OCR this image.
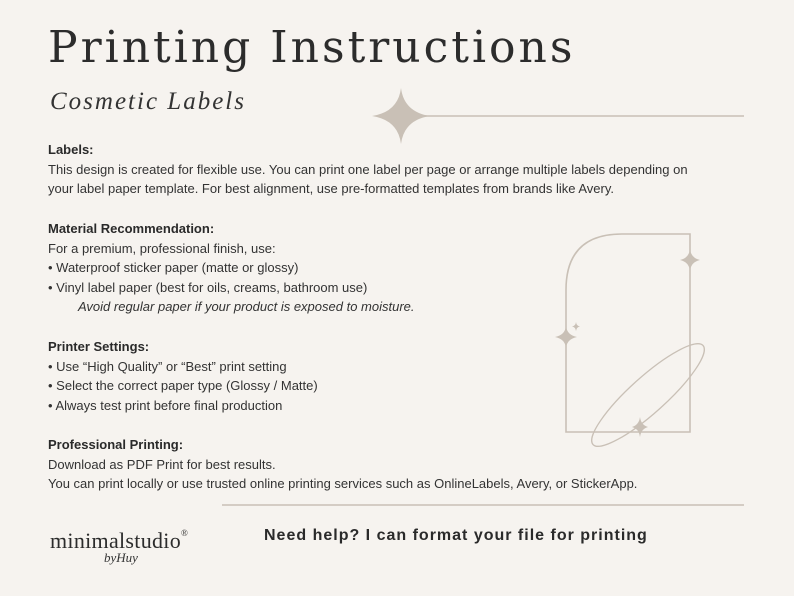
Printing Instructions
Cosmetic Labels
Labels:
This design is created for flexible use. You can print one label per page or arrange multiple labels depending on
your label paper template. For best alignment, use pre-formatted templates from brands like Avery.
Material Recommendation:
For a premium, professional finish, use:
• Waterproof sticker paper (matte or glossy)
• Vinyl label paper (best for oils, creams, bathroom use)
Avoid regular paper if your product is exposed to moisture.
Printer Settings:
• Use “High Quality” or “Best” print setting
• Select the correct paper type (Glossy / Matte)
• Always test print before final production
Professional Printing:
Download as PDF Print for best results.
You can print locally or use trusted online printing services such as OnlineLabels, Avery, or StickerApp.
minimalstudio®
byHuy
Need help? I can format your file for printing
